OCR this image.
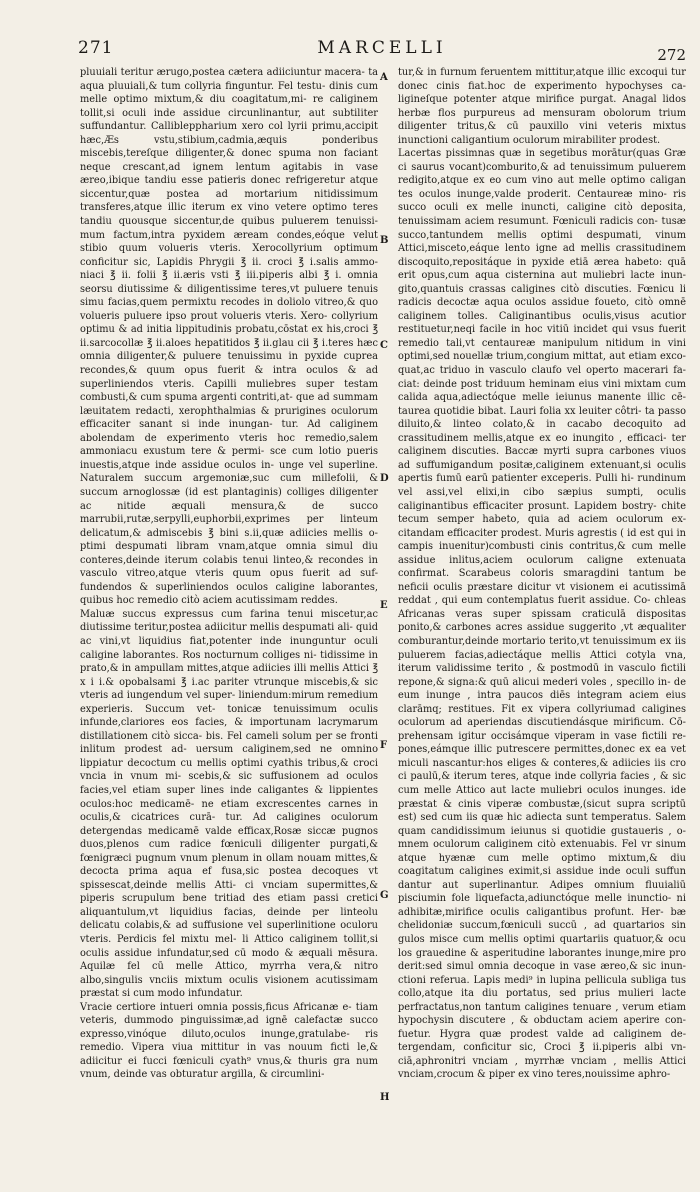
271	MARCELLI	272

pluuiali teritur ærugo,postea cætera adiiciuntur macera- ta aqua pluuiali,& tum collyria finguntur. Fel testu- dinis cum melle optimo mixtum,& diu coagitatum,mi- re caliginem tollit,si oculi inde assidue circunlinantur, aut subtiliter suffundantur. Callibleppharium xero col lyrii primu,accipit hæc,Æs vstu,stibium,cadmia,æquis ponderibus miscebis,tereſque diligenter,& donec spuma non faciant neque crescant,ad ignem lentum agitabis in vase æreo,ibique tandiu esse patieris donec refrigeretur atque siccentur,quæ postea ad mortarium nitidissimum transferes,atque illic iterum ex vino vetere optimo teres tandiu quousque siccentur,de quibus puluerem tenuissi- mum factum,intra pyxidem æream condes,eóque velut stibio quum volueris vteris. Xerocollyrium optimum conficitur sic, Lapidis Phrygii ℥ ii. croci ℥ i.salis ammo- niaci ℥ ii. folii ℥ ii.æris vsti ℥ iii.piperis albi ℥ i. omnia seorsu diutissime & diligentissime teres,vt puluere tenuis simu facias,quem permixtu recodes in doliolo vitreo,& quo volueris puluere ipso prout volueris vteris. Xero- collyrium optimu & ad initia lippitudinis probatu,cōstat ex his,croci ℥ ii.sarcocollæ ℥ ii.aloes hepatitidos ℥ ii.glau cii ℥ i.teres hæc omnia diligenter,& puluere tenuissimu in pyxide cuprea recondes,& quum opus fuerit & intra oculos & ad superliniendos vteris. Capilli muliebres super testam combusti,& cum spuma argenti contriti,at- que ad summam læuitatem redacti, xerophthalmias & prurigines oculorum efficaciter sanant si inde inungan- tur. Ad caliginem abolendam de experimento vteris hoc remedio,salem ammoniacu exustum tere & permi- sce cum lotio pueris inuestis,atque inde assidue oculos in- unge vel superline. Naturalem succum argemoniæ,suc cum millefolii, & succum arnoglossæ (id est plantaginis) colliges diligenter ac nitide æquali mensura,& de succo marrubii,rutæ,serpylli,euphorbii,exprimes per linteum delicatum,& admiscebis ℥ bini s.ii,quæ adiicies mellis o- ptimi despumati libram vnam,atque omnia simul diu conteres,deinde iterum colabis tenui linteo,& recondes in vasculo vitreo,atque vteris quum opus fuerit ad suf- fundendos & superliniendos oculos caligine laborantes, quibus hoc remedio citò aciem acutissimam reddes.

Maluæ succus expressus cum farina tenui miscetur,ac diutissime teritur,postea adiicitur mellis despumati ali- quid ac vini,vt liquidius fiat,potenter inde inunguntur oculi caligine laborantes. Ros nocturnum colliges ni- tidissime in prato,& in ampullam mittes,atque adiicies illi mellis Attici ℥ x i i.& opobalsami ℥ i.ac pariter vtrunque miscebis,& sic vteris ad iungendum vel super- liniendum:mirum remedium experieris. Succum vet- tonicæ tenuissimum oculis infunde,clariores eos facies, & importunam lacrymarum distillationem citò sicca- bis. Fel cameli solum per se fronti inlitum prodest ad- uersum caliginem,sed ne omnino lippiatur decoctum cu mellis optimi cyathis tribus,& croci vncia in vnum mi- scebis,& sic suffusionem ad oculos facies,vel etiam super lines inde caligantes & lippientes oculos:hoc medicamē- ne etiam excrescentes carnes in oculis,& cicatrices curā- tur. Ad caligines oculorum detergendas medicamē valde efficax,Rosæ siccæ pugnos duos,plenos cum radice fœniculi diligenter purgati,& fœnigræci pugnum vnum plenum in ollam nouam mittes,& decocta prima aqua ef fusa,sic postea decoques vt spissescat,deinde mellis Atti- ci vnciam supermittes,& piperis scrupulum bene tritiad des etiam passi cretici aliquantulum,vt liquidius facias, deinde per linteolu delicatu colabis,& ad suffusione vel superlinitione oculoru vteris. Perdicis fel mixtu mel- li Attico caliginem tollit,si oculis assidue infundatur,sed cū modo & æquali mēsura. Aquilæ fel cū melle Attico, myrrha vera,& nitro albo,singulis vnciis mixtum oculis visionem acutissimam præstat si cum modo infundatur.

Vracie certiore intueri omnia possis,ficus Africanæ e- tiam veteris, dummodo pinguissimæ,ad ignē calefactæ succo expresso,vinóque diluto,oculos inunge,gratulabe- ris remedio. Vipera viua mittitur in vas nouum ficti le,& adiicitur ei fucci fœniculi cyath⁹ vnus,& thuris gra num vnum, deinde vas obturatur argilla, & circumlini-

A
B
C
D
E
F
G
H

tur,& in furnum feruentem mittitur,atque illic excoqui tur donec cinis fiat.hoc de experimento hypochyses ca- ligineſque potenter atque mirifice purgat. Anagal lidos herbæ flos purpureus ad mensuram obolorum trium diligenter tritus,& cū pauxillo vini veteris mixtus inunctioni caligantium oculorum mirabiliter prodest.

Lacertas pissimnas quæ in segetibus morātur(quas Græ ci saurus vocant)comburito,& ad tenuissimum puluerem redigito,atque ex eo cum vino aut melle optimo caligan tes oculos inunge,valde proderit. Centaureæ mino- ris succo oculi ex melle inuncti, caligine citò deposita, tenuissimam aciem resumunt. Fœniculi radicis con- tusæ succo,tantundem mellis optimi despumati, vinum Attici,misceto,eáque lento igne ad mellis crassitudinem discoquito,repositáque in pyxide etiā ærea habeto: quā erit opus,cum aqua cisternina aut muliebri lacte inun- gito,quantuis crassas caligines citò discuties. Fœnicu li radicis decoctæ aqua oculos assidue foueto, citò omnē caliginem tolles. Caliginantibus oculis,visus acutior restituetur,neqi facile in hoc vitiū incidet qui vsus fuerit remedio tali,vt centaureæ manipulum nitidum in vini optimi,sed nouellæ trium,congium mittat, aut etiam exco- quat,ac triduo in vasculo claufo vel operto macerari fa- ciat: deinde post triduum heminam eius vini mixtam cum calida aqua,adiectóque melle ieiunus manente illic cē- taurea quotidie bibat. Lauri folia xx leuiter côtri- ta passo diluito,& linteo colato,& in cacabo decoquito ad crassitudinem mellis,atque ex eo inungito , efficaci- ter caliginem discuties. Baccæ myrti supra carbones viuos ad suffumigandum positæ,caliginem extenuant,si oculis apertis fumū earū patienter exceperis. Pulli hi- rundinum vel assi,vel elixi,in cibo sæpius sumpti, oculis caliginantibus efficaciter prosunt. Lapidem bostry- chite tecum semper habeto, quia ad aciem oculorum ex- citandam efficaciter prodest. Muris agrestis ( id est qui in campis inuenitur)combusti cinis contritus,& cum melle assidue inlitus,aciem oculorum caligne extenuata confirmat. Scarabeus coloris smaragdini tantum be neficii oculis præstare dicitur vt visionem ei acutissimā reddat , qui eum contemplatus fuerit assidue. Co- chleas Africanas veras super spissam craticulā dispositas ponito,& carbones acres assidue suggerito ,vt æqualiter comburantur,deinde mortario terito,vt tenuissimum ex iis puluerem facias,adiectáque mellis Attici cotyla vna, iterum validissime terito , & postmodū in vasculo fictili repone,& signa:& quū alicui mederi voles , specillo in- de eum inunge , intra paucos diēs integram aciem eius clarāmq; restitues. Fit ex vipera collyriumad caligines oculorum ad aperiendas discutiendásque mirificum. Cō- prehensam igitur occisámque viperam in vase fictili re- pones,eámque illic putrescere permittes,donec ex ea vet miculi nascantur:hos eliges & conteres,& adiicies iis cro ci paulū,& iterum teres, atque inde collyria facies , & sic cum melle Attico aut lacte muliebri oculos inunges. ide præstat & cinis viperæ combustæ,(sicut supra scriptū est) sed cum iis quæ hic adiecta sunt temperatus. Salem quam candidissimum ieiunus si quotidie gustaueris , o- mnem oculorum caliginem citò extenuabis. Fel vr sinum atque hyænæ cum melle optimo mixtum,& diu coagitatum caligines eximit,si assidue inde oculi suffun dantur aut superlinantur. Adipes omnium fluuialiū pisciumin fole liquefacta,adiunctóque melle inunctio- ni adhibitæ,mirifice oculis caligantibus profunt. Her- bæ chelidoniæ succum,fœniculi succū , ad quartarios sin gulos misce cum mellis optimi quartariis quatuor,& ocu los grauedine & asperitudine laborantes inunge,mire pro derit:sed simul omnia decoque in vase æreo,& sic inun- ctioni referua. Lapis medi⁹ in lupina pellicula subliga tus collo,atque ita diu portatus, sed prius mulieri lacte perfractatus,non tantum caligines tenuare , verum etiam hypochysin discutere , & obductam aciem aperire con- fuetur. Hygra quæ prodest valde ad caliginem de- tergendam, conficitur sic, Croci ℥ ii.piperis albi vn- ciā,aphronitri vnciam , myrrhæ vnciam , mellis Attici vnciam,crocum & piper ex vino teres,nouissime aphro-
